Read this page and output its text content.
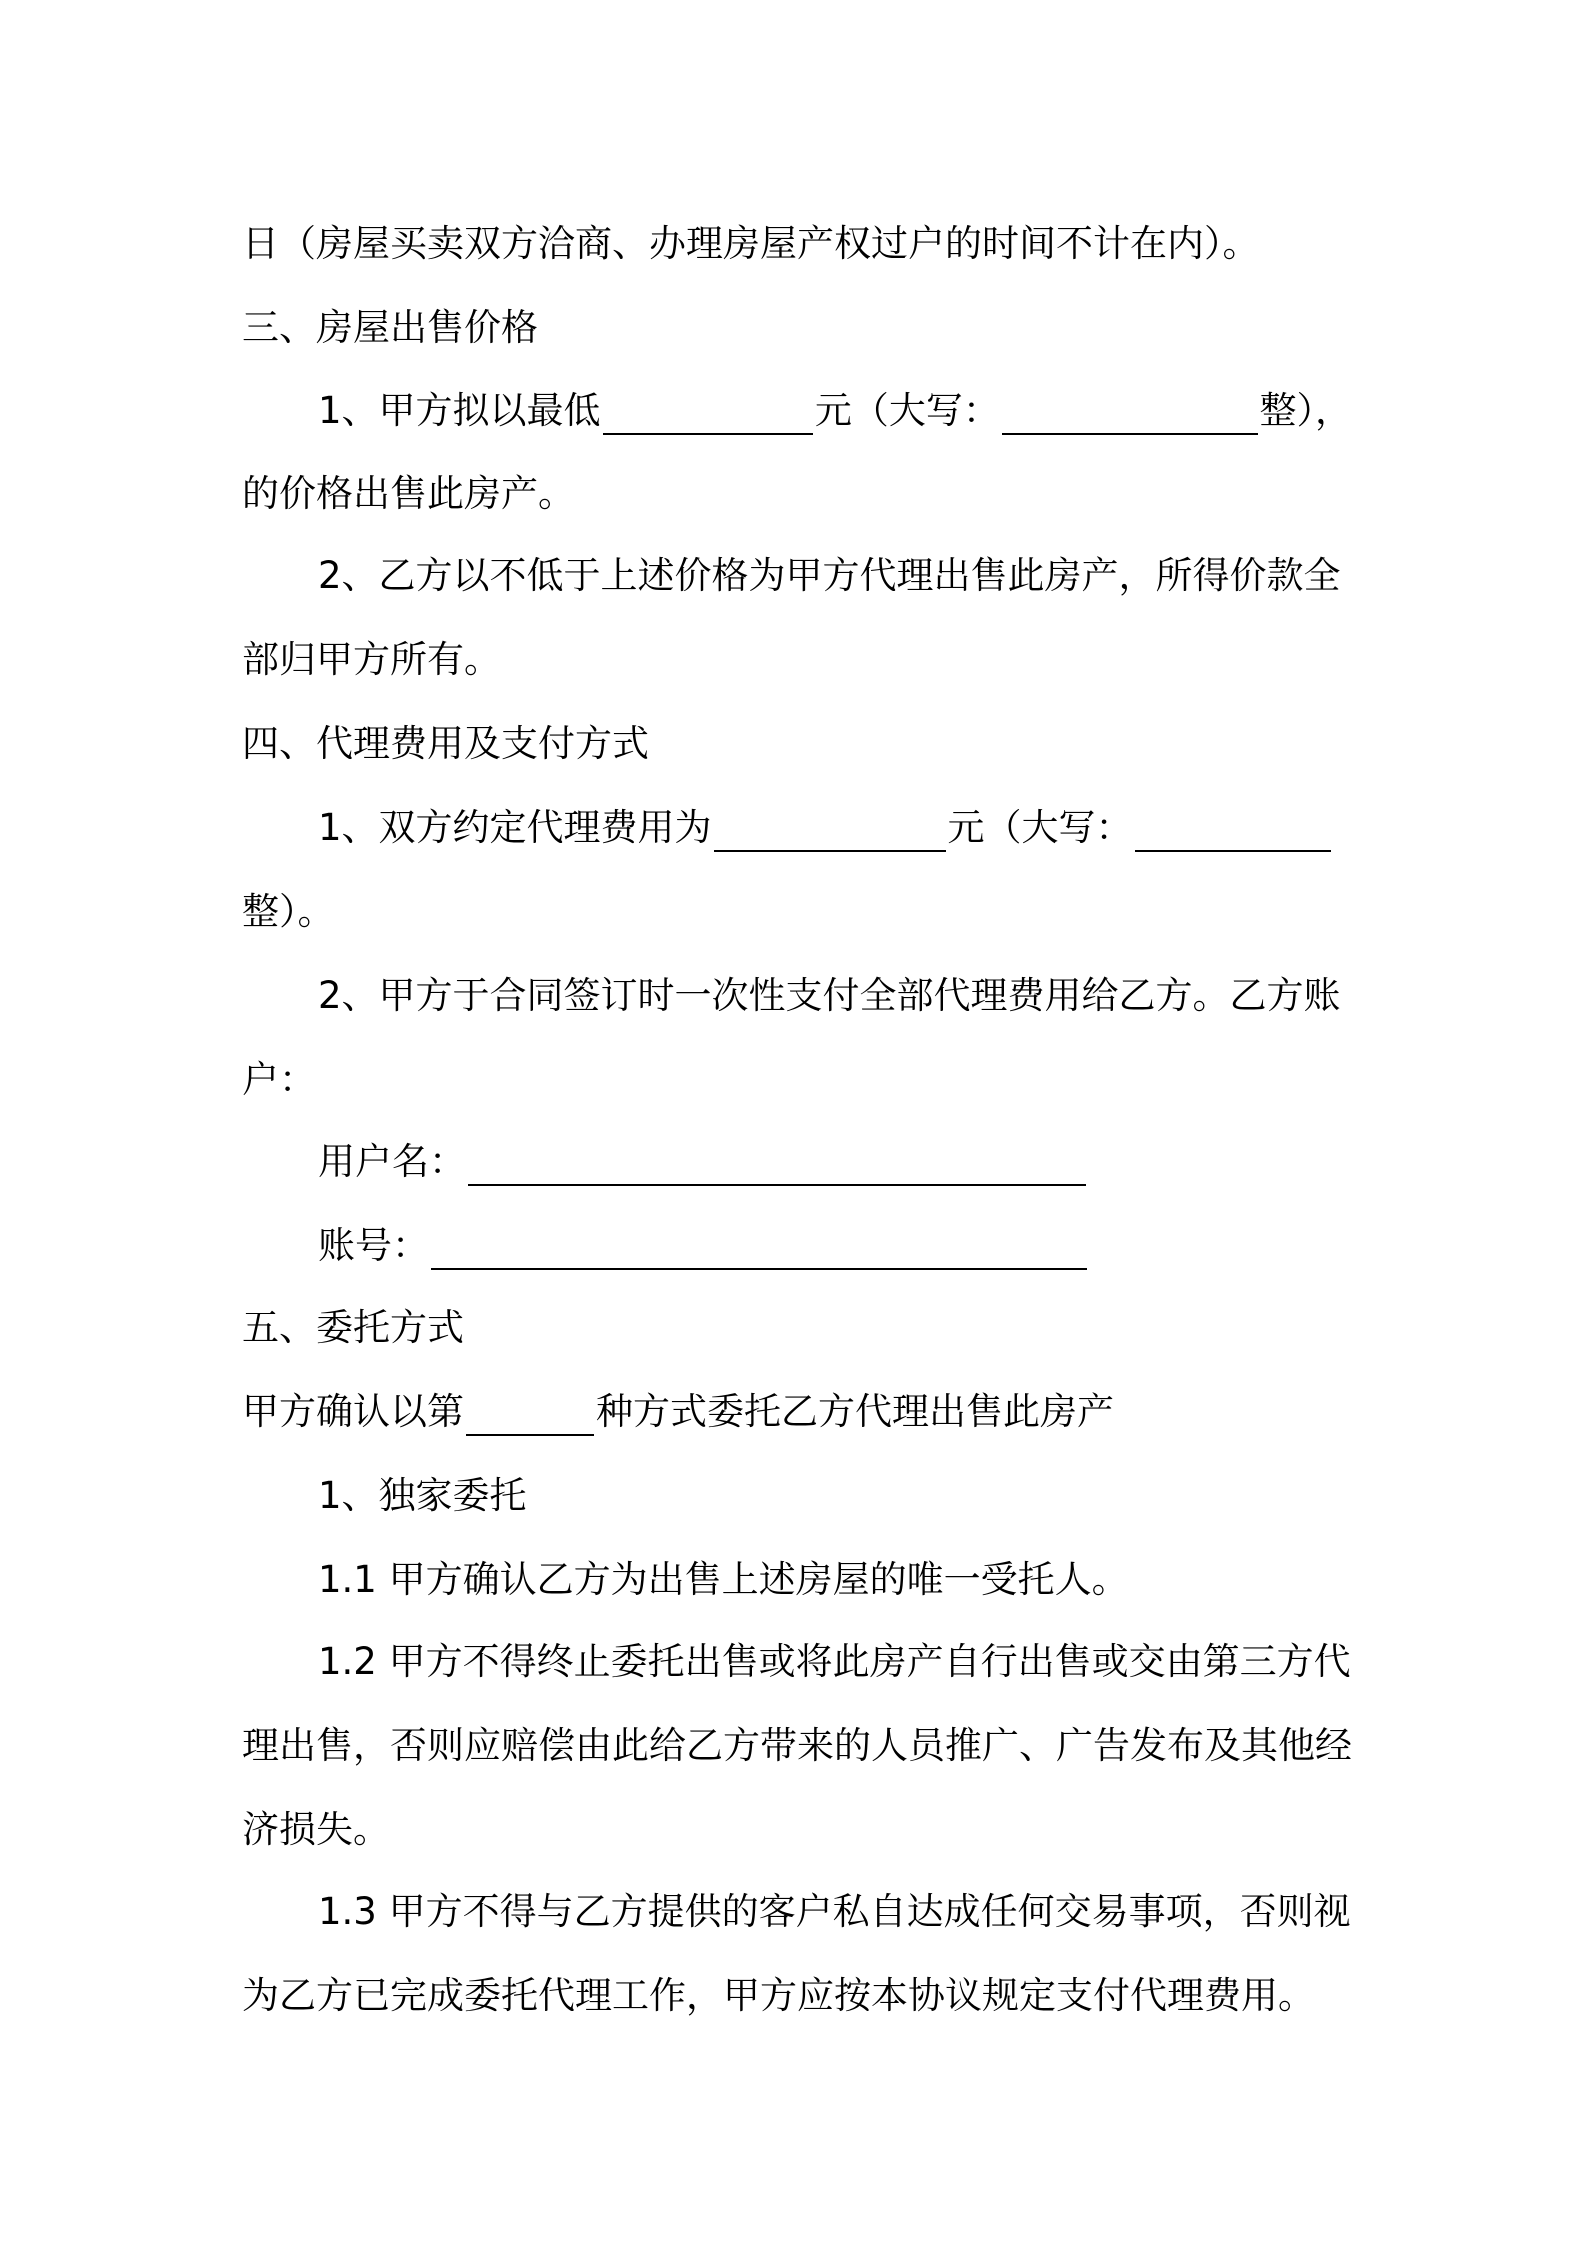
日（房屋买卖双方洽商、办理房屋产权过户的时间不计在内）。
三、房屋出售价格
1、甲方拟以最低	元（大写：	整），
的价格出售此房产。
2、乙方以不低于上述价格为甲方代理出售此房产，所得价款全
部归甲方所有。
四、代理费用及支付方式
1、双方约定代理费用为	元（大写：
整）。
2、甲方于合同签订时一次性支付全部代理费用给乙方。乙方账
户：
用户名：
账号：
五、委托方式
甲方确认以第	种方式委托乙方代理出售此房产
1、独家委托
1.1 甲方确认乙方为出售上述房屋的唯一受托人。
1.2 甲方不得终止委托出售或将此房产自行出售或交由第三方代
理出售，否则应赔偿由此给乙方带来的人员推广、广告发布及其他经
济损失。
1.3 甲方不得与乙方提供的客户私自达成任何交易事项，否则视
为乙方已完成委托代理工作，甲方应按本协议规定支付代理费用。
